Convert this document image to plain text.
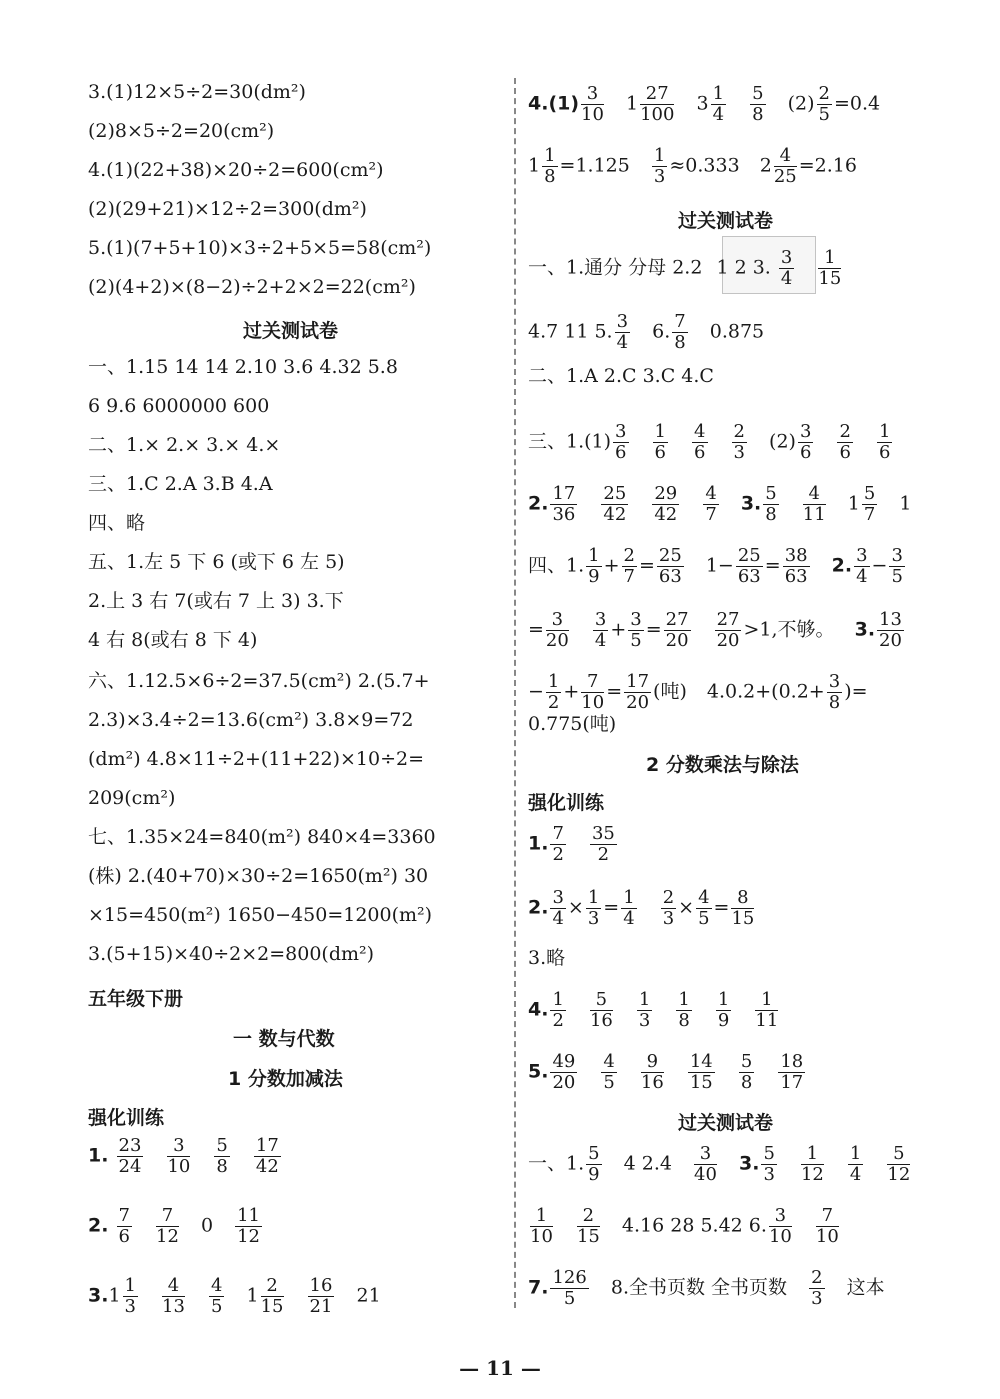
3.(1)12×5÷2=30(dm²)
(2)8×5÷2=20(cm²)
4.(1)(22+38)×20÷2=600(cm²)
(2)(29+21)×12÷2=300(dm²)
5.(1)(7+5+10)×3÷2+5×5=58(cm²)
(2)(4+2)×(8−2)÷2+2×2=22(cm²)
过关测试卷
一、1.15 14 14 2.10 3.6 4.32 5.8
6 9.6 6000000 600
二、1.× 2.× 3.× 4.×
三、1.C 2.A 3.B 4.A
四、略
五、1.左 5 下 6 (或下 6 左 5)
2.上 3 右 7(或右 7 上 3) 3.下
4 右 8(或右 8 下 4)
六、1.12.5×6÷2=37.5(cm²) 2.(5.7+
2.3)×3.4÷2=13.6(cm²) 3.8×9=72
(dm²) 4.8×11÷2+(11+22)×10÷2=
209(cm²)
七、1.35×24=840(m²) 840×4=3360
(株) 2.(40+70)×30÷2=1650(m²) 30
×15=450(m²) 1650−450=1200(m²)
3.(5+15)×40÷2×2=800(dm²)
五年级下册
一 数与代数
1 分数加减法
强化训练
1. $\frac{23}{24}$
$\frac{3}{10}$
$\frac{5}{8}$
$\frac{17}{42}$
2. $\frac{7}{6}$
$\frac{7}{12} 0 \frac{11}{12}$
$3.1 \frac{1}{3}$
$\frac{4}{13}$
$\frac{4}{5} 1 \frac{2}{15}$
$\frac{16}{21} 21$
$4.(1) \frac{3}{10} 1 \frac{27}{100} 3 \frac{1}{4}$
$\frac{5}{8} (2) \frac{2}{5} =0.4$
$1 \frac{1}{8} =1.125 \frac{1}{3} \approx 0.333$ $2 \frac{4}{25} =2.16$
过关测试卷
一、1.通分 分母 2.2 1 2 3. $\frac{3}{4}$
$\frac{1}{15}$
4.7 11 5. $\frac{3}{4} 6$. $\frac{7}{8} 0.875$
二、1.A 2.C 3.C 4.C
三、$1.(1) \frac{3}{6}$
$\frac{1}{6}$
$\frac{4}{6}$
$\frac{2}{3} (2) \frac{3}{6}$
$\frac{2}{6}$
$\frac{1}{6}$
2. $\frac{17}{36}$
$\frac{25}{42}$
$\frac{29}{42}$
$\frac{4}{7} 3$. $\frac{5}{8}$
$\frac{4}{11} 1 \frac{5}{7} 1$
四、1. $\frac{1}{9} + \frac{2}{7} = \frac{25}{63} 1- \frac{25}{63} = \frac{38}{63} 2$. $\frac{3}{4} - \frac{3}{5}$
= $\frac{3}{20}$
$\frac{3}{4} + \frac{3}{5} = \frac{27}{20}$
$\frac{27}{20} >1$,不够。 3. $\frac{13}{20}$
− $\frac{1}{2} + \frac{7}{10} = \frac{17}{20}$ (吨) $4.0.2+(0.2+ \frac{3}{8}$ )=
0.775(吨)
2 分数乘法与除法
强化训练
1. $\frac{7}{2}$
$\frac{35}{2}$
2. $\frac{3}{4} \times \frac{1}{3} = \frac{1}{4}$
$\frac{2}{3} \times \frac{4}{5} = \frac{8}{15}$
3.略
4. $\frac{1}{2}$
$\frac{5}{16}$
$\frac{1}{3}$
$\frac{1}{8}$
$\frac{1}{9}$
$\frac{1}{11}$
5. $\frac{49}{20}$
$\frac{4}{5}$
$\frac{9}{16}$
$\frac{14}{15}$
$\frac{5}{8}$
$\frac{18}{17}$
过关测试卷
一、1. $\frac{5}{9} 4$ $2.4 \frac{3}{40} 3$. $\frac{5}{3}$
$\frac{1}{12}$
$\frac{1}{4}$
$\frac{5}{12}$
$\frac{1}{10}$
$\frac{2}{15} 4.16$ 28 5.42 6. $\frac{3}{10}$
$\frac{7}{10}$
7. $\frac{126}{5} 8$.全书页数 全书页数 $\frac{2}{3}$ 这本
— 11 —
